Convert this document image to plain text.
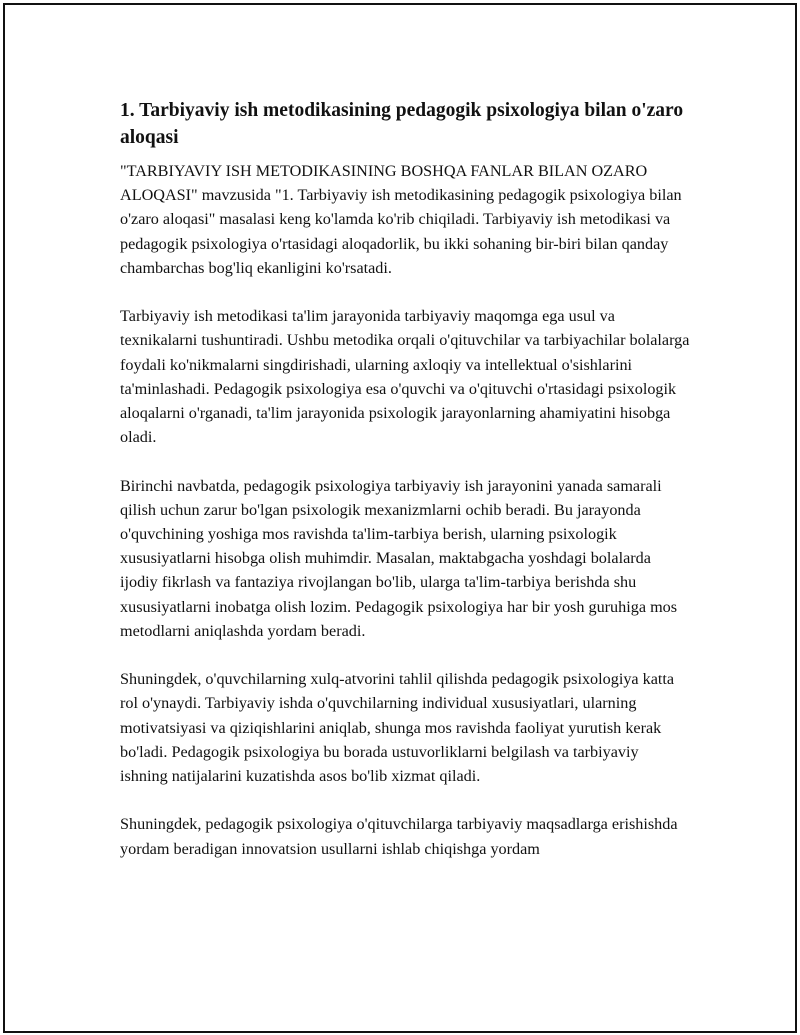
1. Tarbiyaviy ish metodikasining pedagogik psixologiya bilan o'zaro aloqasi

"TARBIYAVIY ISH METODIKASINING BOSHQA FANLAR BILAN OZARO ALOQASI" mavzusida "1. Tarbiyaviy ish metodikasining pedagogik psixologiya bilan o'zaro aloqasi" masalasi keng ko'lamda ko'rib chiqiladi. Tarbiyaviy ish metodikasi va pedagogik psixologiya o'rtasidagi aloqadorlik, bu ikki sohaning bir-biri bilan qanday chambarchas bog'liq ekanligini ko'rsatadi.

Tarbiyaviy ish metodikasi ta'lim jarayonida tarbiyaviy maqomga ega usul va texnikalarni tushuntiradi. Ushbu metodika orqali o'qituvchilar va tarbiyachilar bolalarga foydali ko'nikmalarni singdirishadi, ularning axloqiy va intellektual o'sishlarini ta'minlashadi. Pedagogik psixologiya esa o'quvchi va o'qituvchi o'rtasidagi psixologik aloqalarni o'rganadi, ta'lim jarayonida psixologik jarayonlarning ahamiyatini hisobga oladi.

Birinchi navbatda, pedagogik psixologiya tarbiyaviy ish jarayonini yanada samarali qilish uchun zarur bo'lgan psixologik mexanizmlarni ochib beradi. Bu jarayonda o'quvchining yoshiga mos ravishda ta'lim-tarbiya berish, ularning psixologik xususiyatlarni hisobga olish muhimdir. Masalan, maktabgacha yoshdagi bolalarda ijodiy fikrlash va fantaziya rivojlangan bo'lib, ularga ta'lim-tarbiya berishda shu xususiyatlarni inobatga olish lozim. Pedagogik psixologiya har bir yosh guruhiga mos metodlarni aniqlashda yordam beradi.

Shuningdek, o'quvchilarning xulq-atvorini tahlil qilishda pedagogik psixologiya katta rol o'ynaydi. Tarbiyaviy ishda o'quvchilarning individual xususiyatlari, ularning motivatsiyasi va qiziqishlarini aniqlab, shunga mos ravishda faoliyat yurutish kerak bo'ladi. Pedagogik psixologiya bu borada ustuvorliklarni belgilash va tarbiyaviy ishning natijalarini kuzatishda asos bo'lib xizmat qiladi.

Shuningdek, pedagogik psixologiya o'qituvchilarga tarbiyaviy maqsadlarga erishishda yordam beradigan innovatsion usullarni ishlab chiqishga yordam
